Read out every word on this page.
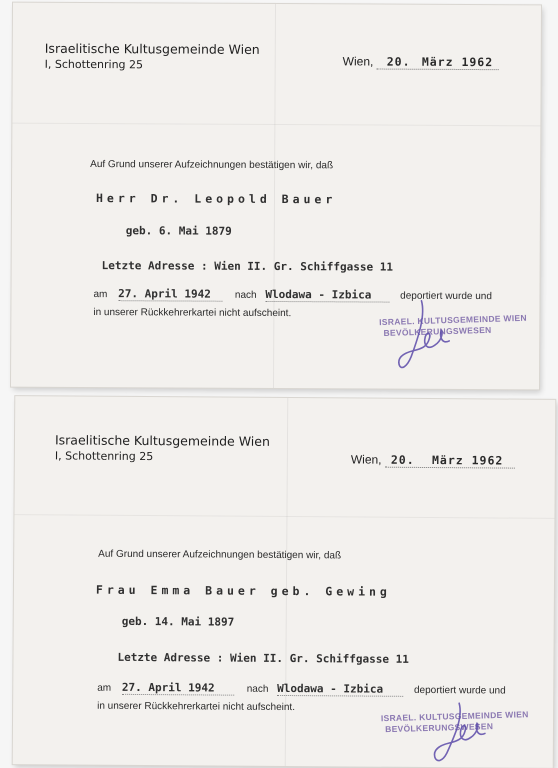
Israelitische Kultusgemeinde Wien
I, Schottenring 25	Wien, 20. März 1962
Auf Grund unserer Aufzeichnungen bestätigen wir, daß
Herr Dr. Leopold Bauer
geb. 6. Mai 1879
Letzte Adresse : Wien II. Gr. Schiffgasse 11
am 27. April 1942 nach Wlodawa - Izbica	deportiert wurde und
in unserer Rückkehrerkartei nicht aufscheint.	ISRAEL. KULTUSGEMEINDE WIEN
BEVÖLKERUNGSWESEN
Israelitische Kultusgemeinde Wien
I, Schottenring 25	Wien, 20. März 1962
Auf Grund unserer Aufzeichnungen bestätigen wir, daß
Frau Emma Bauer geb. Gewing
geb. 14. Mai 1897
Letzte Adresse : Wien II. Gr. Schiffgasse 11
am 27. April 1942	nach Wlodawa - Izbica	deportiert wurde und
in unserer Rückkehrerkartei nicht aufscheint.
ISRAEL. KULTUSGEMEINDE WIEN
BEVÖLKERUNGSWESEN
